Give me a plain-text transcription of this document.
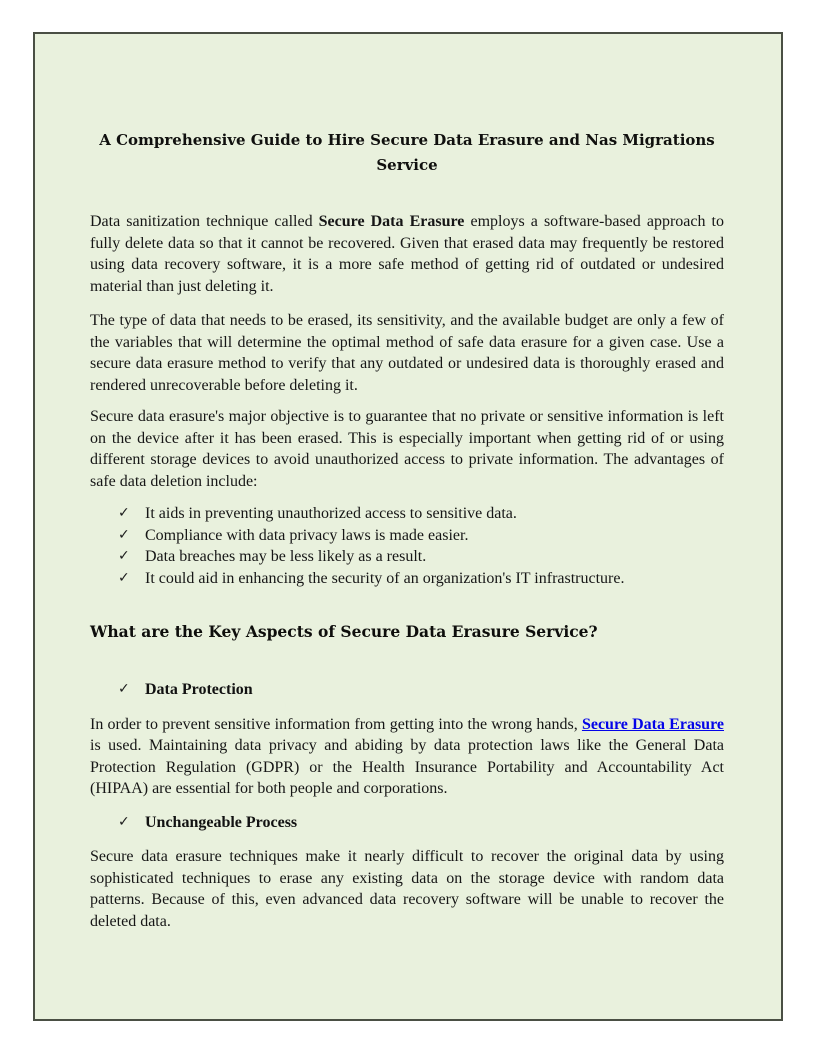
A Comprehensive Guide to Hire Secure Data Erasure and Nas Migrations
Service

Data sanitization technique called Secure Data Erasure employs a software-based approach to fully delete data so that it cannot be recovered. Given that erased data may frequently be restored using data recovery software, it is a more safe method of getting rid of outdated or undesired material than just deleting it.

The type of data that needs to be erased, its sensitivity, and the available budget are only a few of the variables that will determine the optimal method of safe data erasure for a given case. Use a secure data erasure method to verify that any outdated or undesired data is thoroughly erased and rendered unrecoverable before deleting it.

Secure data erasure's major objective is to guarantee that no private or sensitive information is left on the device after it has been erased. This is especially important when getting rid of or using different storage devices to avoid unauthorized access to private information. The advantages of safe data deletion include:

✓ It aids in preventing unauthorized access to sensitive data.
✓ Compliance with data privacy laws is made easier.
✓ Data breaches may be less likely as a result.
✓ It could aid in enhancing the security of an organization's IT infrastructure.
What are the Key Aspects of Secure Data Erasure Service?
✓ Data Protection

In order to prevent sensitive information from getting into the wrong hands, Secure Data Erasure is used. Maintaining data privacy and abiding by data protection laws like the General Data Protection Regulation (GDPR) or the Health Insurance Portability and Accountability Act (HIPAA) are essential for both people and corporations.

✓ Unchangeable Process

Secure data erasure techniques make it nearly difficult to recover the original data by using sophisticated techniques to erase any existing data on the storage device with random data patterns. Because of this, even advanced data recovery software will be unable to recover the deleted data.
